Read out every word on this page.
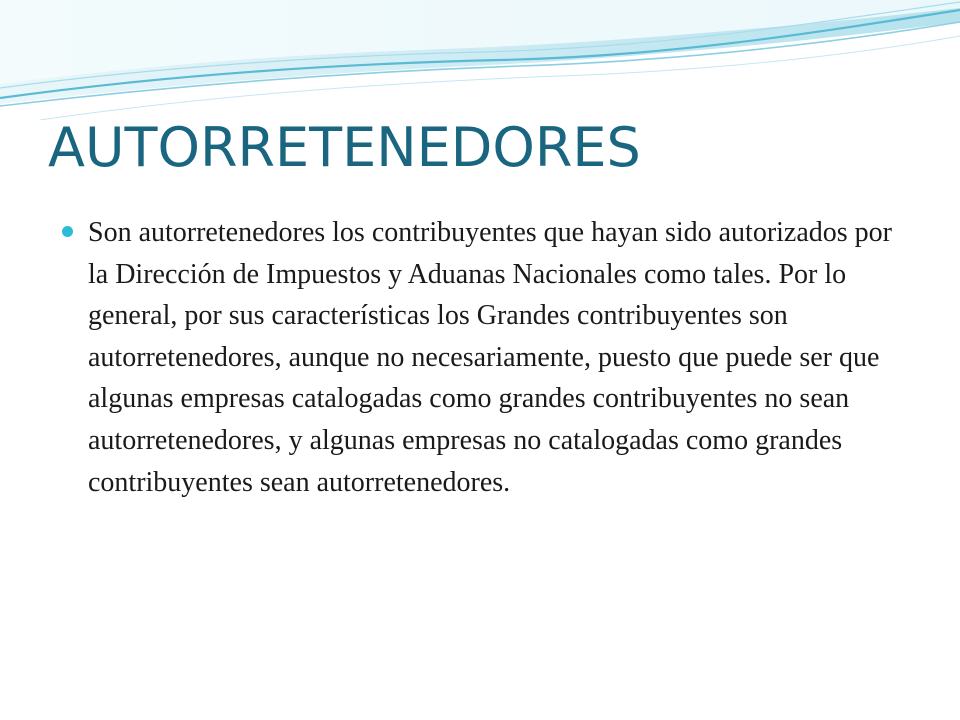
AUTORRETENEDORES
Son autorretenedores los contribuyentes que hayan sido autorizados por la Dirección de Impuestos y Aduanas Nacionales como tales. Por lo general, por sus características los Grandes contribuyentes son autorretenedores, aunque no necesariamente, puesto que puede ser que algunas empresas catalogadas como grandes contribuyentes no sean autorretenedores, y algunas empresas no catalogadas como grandes contribuyentes sean autorretenedores.
